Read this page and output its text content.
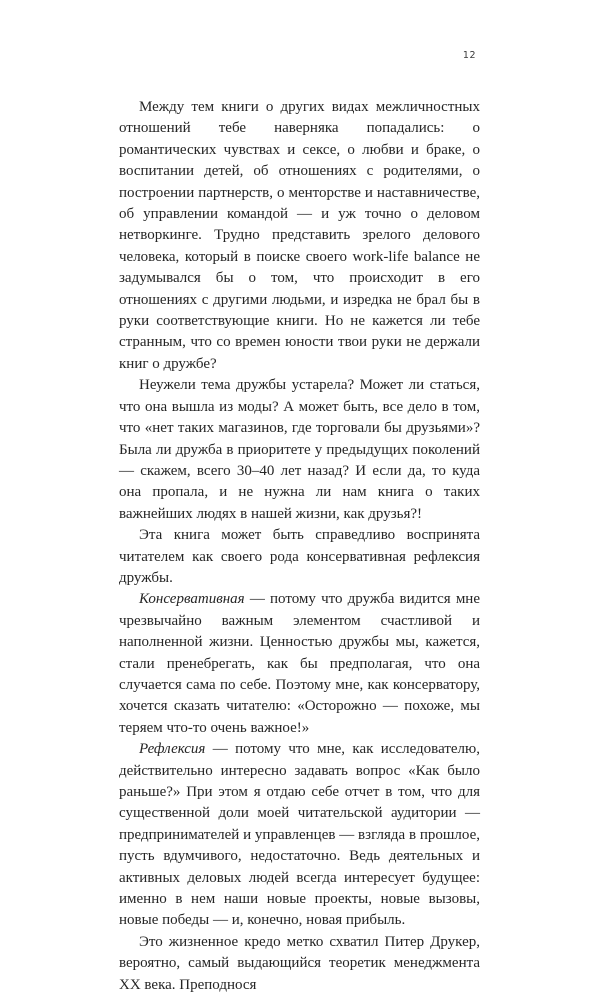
12

Между тем книги о других видах межличностных отношений тебе наверняка попадались: о романтических чувствах и сексе, о любви и браке, о воспитании детей, об отношениях с родителями, о построении партнерств, о менторстве и наставничестве, об управлении командой — и уж точно о деловом нетворкинге. Трудно представить зрелого делового человека, который в поиске своего work-life balance не задумывался бы о том, что происходит в его отношениях с другими людьми, и изредка не брал бы в руки соответствующие книги. Но не кажется ли тебе странным, что со времен юности твои руки не держали книг о дружбе?

Неужели тема дружбы устарела? Может ли статься, что она вышла из моды? А может быть, все дело в том, что «нет таких магазинов, где торговали бы друзьями»? Была ли дружба в приоритете у предыдущих поколений — скажем, всего 30–40 лет назад? И если да, то куда она пропала, и не нужна ли нам книга о таких важнейших людях в нашей жизни, как друзья?!

Эта книга может быть справедливо воспринята читателем как своего рода консервативная рефлексия дружбы.

Консервативная — потому что дружба видится мне чрезвычайно важным элементом счастливой и наполненной жизни. Ценностью дружбы мы, кажется, стали пренебрегать, как бы предполагая, что она случается сама по себе. Поэтому мне, как консерватору, хочется сказать читателю: «Осторожно — похоже, мы теряем что-то очень важное!»

Рефлексия — потому что мне, как исследователю, действительно интересно задавать вопрос «Как было раньше?» При этом я отдаю себе отчет в том, что для существенной доли моей читательской аудитории — предпринимателей и управленцев — взгляда в прошлое, пусть вдумчивого, недостаточно. Ведь деятельных и активных деловых людей всегда интересует будущее: именно в нем наши новые проекты, новые вызовы, новые победы — и, конечно, новая прибыль.

Это жизненное кредо метко схватил Питер Друкер, вероятно, самый выдающийся теоретик менеджмента XX века. Преподнося
